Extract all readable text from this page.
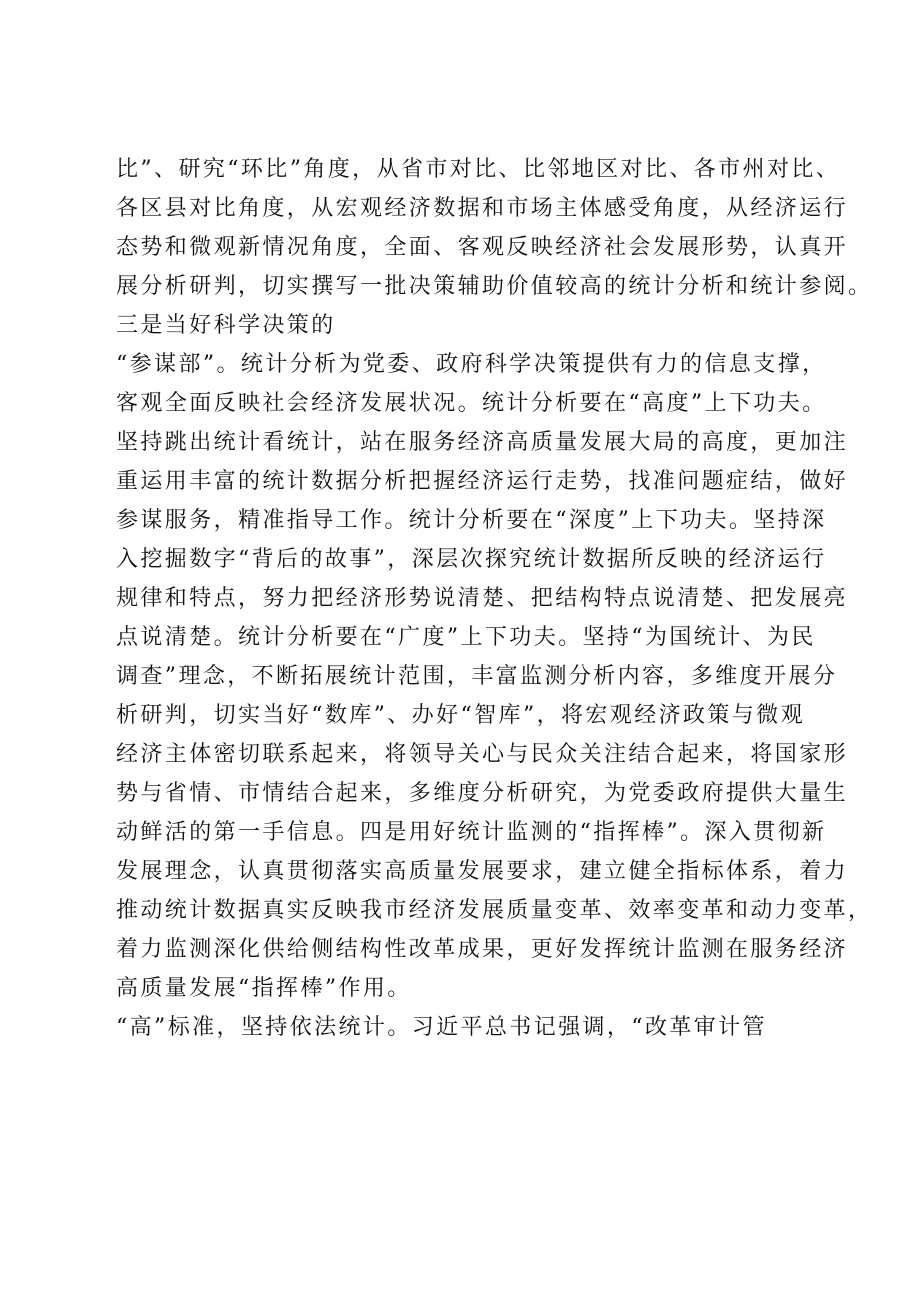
比”、研究“环比”角度，从省市对比、比邻地区对比、各市州对比、
各区县对比角度，从宏观经济数据和市场主体感受角度，从经济运行
态势和微观新情况角度，全面、客观反映经济社会发展形势，认真开
展分析研判，切实撰写一批决策辅助价值较高的统计分析和统计参阅。
三是当好科学决策的
“参谋部”。统计分析为党委、政府科学决策提供有力的信息支撑，
客观全面反映社会经济发展状况。统计分析要在“高度”上下功夫。
坚持跳出统计看统计，站在服务经济高质量发展大局的高度，更加注
重运用丰富的统计数据分析把握经济运行走势，找准问题症结，做好
参谋服务，精准指导工作。统计分析要在“深度”上下功夫。坚持深
入挖掘数字“背后的故事”，深层次探究统计数据所反映的经济运行
规律和特点，努力把经济形势说清楚、把结构特点说清楚、把发展亮
点说清楚。统计分析要在“广度”上下功夫。坚持“为国统计、为民
调查”理念，不断拓展统计范围，丰富监测分析内容，多维度开展分
析研判，切实当好“数库”、办好“智库”，将宏观经济政策与微观
经济主体密切联系起来，将领导关心与民众关注结合起来，将国家形
势与省情、市情结合起来，多维度分析研究，为党委政府提供大量生
动鲜活的第一手信息。四是用好统计监测的“指挥棒”。深入贯彻新
发展理念，认真贯彻落实高质量发展要求，建立健全指标体系，着力
推动统计数据真实反映我市经济发展质量变革、效率变革和动力变革，
着力监测深化供给侧结构性改革成果，更好发挥统计监测在服务经济
高质量发展“指挥棒”作用。
“高”标准，坚持依法统计。习近平总书记强调，“改革审计管
